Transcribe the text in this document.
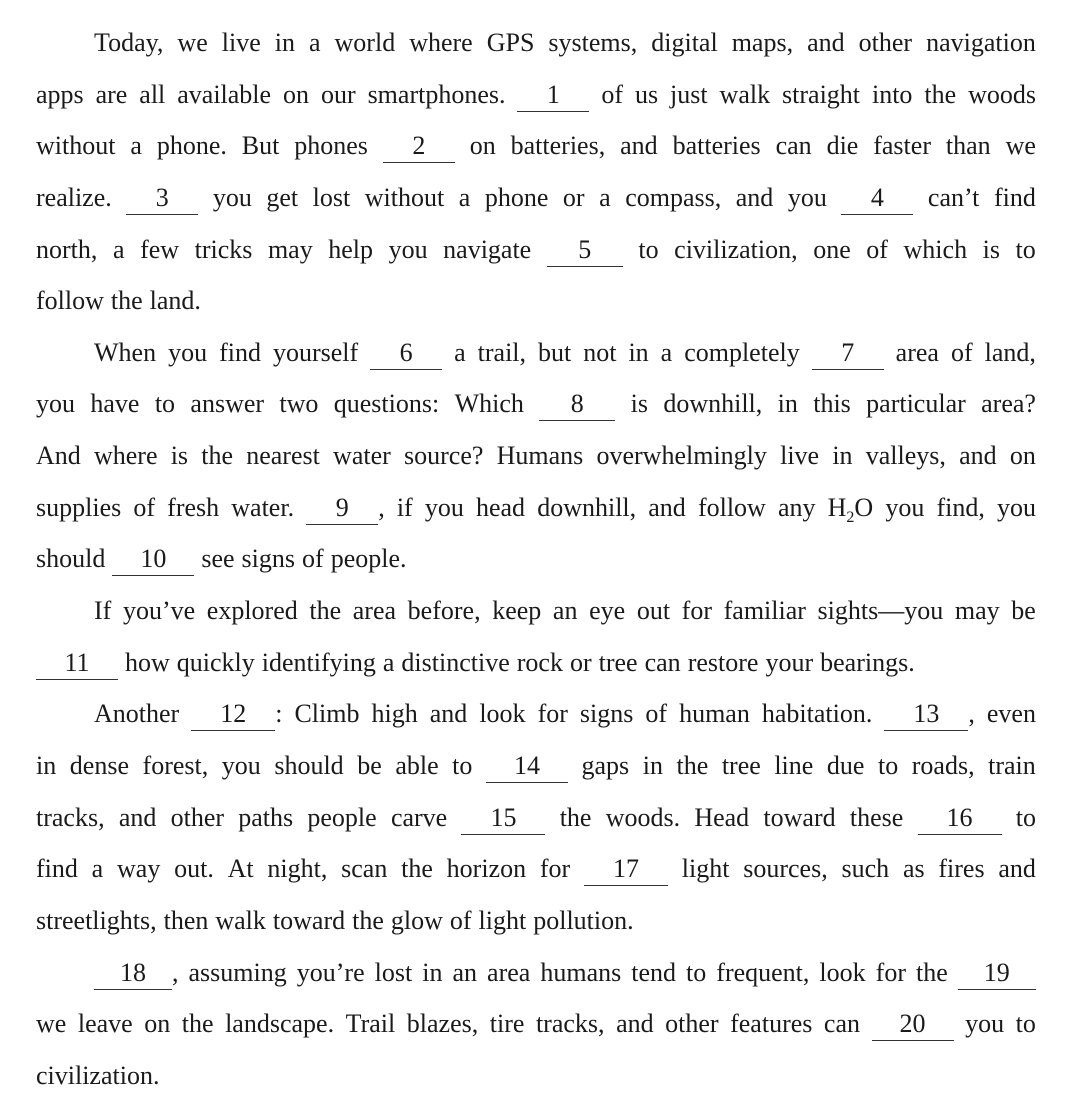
Today, we live in a world where GPS systems, digital maps, and other navigation
apps are all available on our smartphones.	1	of us just walk straight into the woods
without a phone. But phones	2	on batteries, and batteries can die faster than we
realize.	3	you get lost without a phone or a compass, and you	4	can’t find
north, a few tricks may help you navigate	5	to civilization, one of which is to
follow the land.
When you find yourself	6	a trail, but not in a completely	7	area of land,
you have to answer two questions: Which	8	is downhill, in this particular area?
And where is the nearest water source? Humans overwhelmingly live in valleys, and on
supplies of fresh water.	9 , if you head downhill, and follow any $H_2O$ you find, you
should	10	see signs of people.
If you’ve explored the area before, keep an eye out for familiar sights—you may be
11	how quickly identifying a distinctive rock or tree can restore your bearings.
Another	12 : Climb high and look for signs of human habitation.	13 , even
in dense forest, you should be able to	14	gaps in the tree line due to roads, train
tracks, and other paths people carve	15	the woods. Head toward these	16	to
find a way out. At night, scan the horizon for	17	light sources, such as fires and
streetlights, then walk toward the glow of light pollution.
18 , assuming you’re lost in an area humans tend to frequent, look for the	19
we leave on the landscape. Trail blazes, tire tracks, and other features can	20	you to
civilization.
